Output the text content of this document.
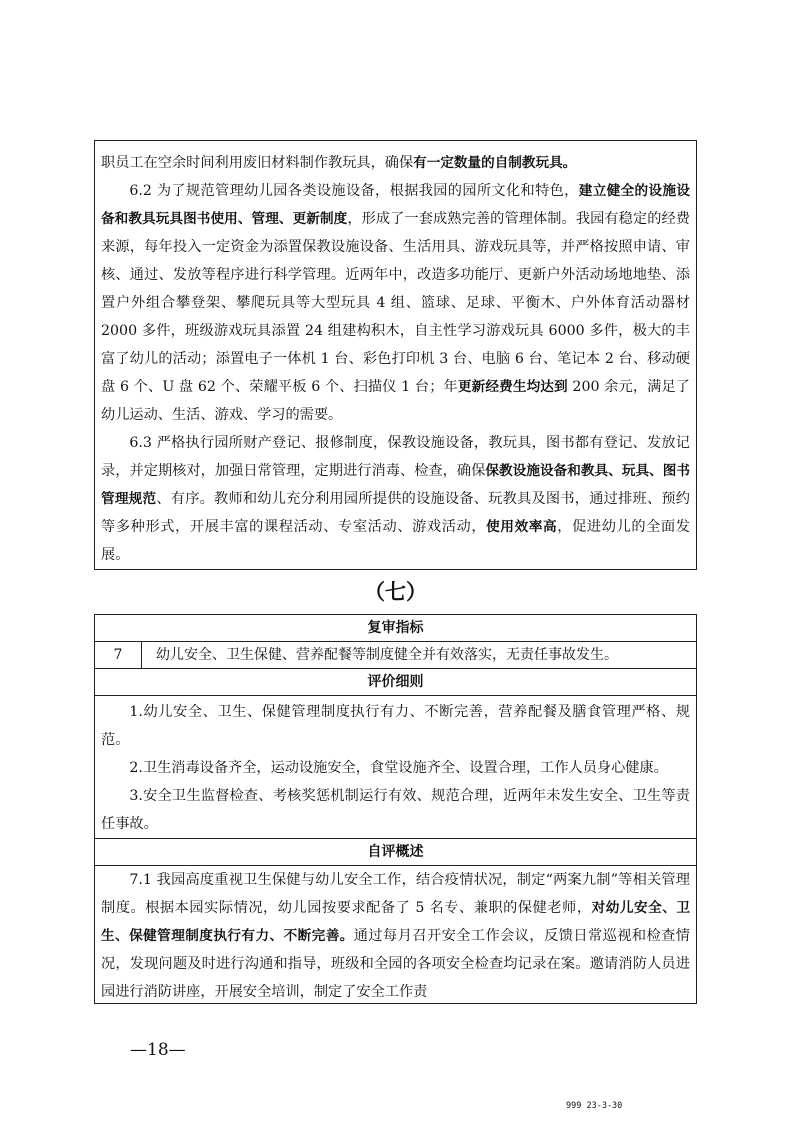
职员工在空余时间利用废旧材料制作教玩具，确保有一定数量的自制教玩具。

6.2 为了规范管理幼儿园各类设施设备，根据我园的园所文化和特色，建立健全的设施设备和教具玩具图书使用、管理、更新制度，形成了一套成熟完善的管理体制。我园有稳定的经费来源，每年投入一定资金为添置保教设施设备、生活用具、游戏玩具等，并严格按照申请、审核、通过、发放等程序进行科学管理。近两年中，改造多功能厅、更新户外活动场地地垫、添置户外组合攀登架、攀爬玩具等大型玩具 4 组、篮球、足球、平衡木、户外体育活动器材 2000 多件，班级游戏玩具添置 24 组建构积木，自主性学习游戏玩具 6000 多件，极大的丰富了幼儿的活动；添置电子一体机 1 台、彩色打印机 3 台、电脑 6 台、笔记本 2 台、移动硬盘 6 个、U 盘 62 个、荣耀平板 6 个、扫描仪 1 台；年更新经费生均达到 200 余元，满足了幼儿运动、生活、游戏、学习的需要。

6.3 严格执行园所财产登记、报修制度，保教设施设备，教玩具，图书都有登记、发放记录，并定期核对，加强日常管理，定期进行消毒、检查，确保保教设施设备和教具、玩具、图书管理规范、有序。教师和幼儿充分利用园所提供的设施设备、玩教具及图书，通过排班、预约等多种形式，开展丰富的课程活动、专室活动、游戏活动，使用效率高，促进幼儿的全面发展。

（七）
复审指标
7	幼儿安全、卫生保健、营养配餐等制度健全并有效落实，无责任事故发生。
评价细则

1.幼儿安全、卫生、保健管理制度执行有力、不断完善，营养配餐及膳食管理严格、规范。

2.卫生消毒设备齐全，运动设施安全，食堂设施齐全、设置合理，工作人员身心健康。

3.安全卫生监督检查、考核奖惩机制运行有效、规范合理，近两年未发生安全、卫生等责任事故。

自评概述

7.1 我园高度重视卫生保健与幼儿安全工作，结合疫情状况，制定“两案九制”等相关管理制度。根据本园实际情况，幼儿园按要求配备了 5 名专、兼职的保健老师，对幼儿安全、卫生、保健管理制度执行有力、不断完善。通过每月召开安全工作会议，反馈日常巡视和检查情况，发现问题及时进行沟通和指导，班级和全园的各项安全检查均记录在案。邀请消防人员进园进行消防讲座，开展安全培训，制定了安全工作责

—18—
999 23-3-30
